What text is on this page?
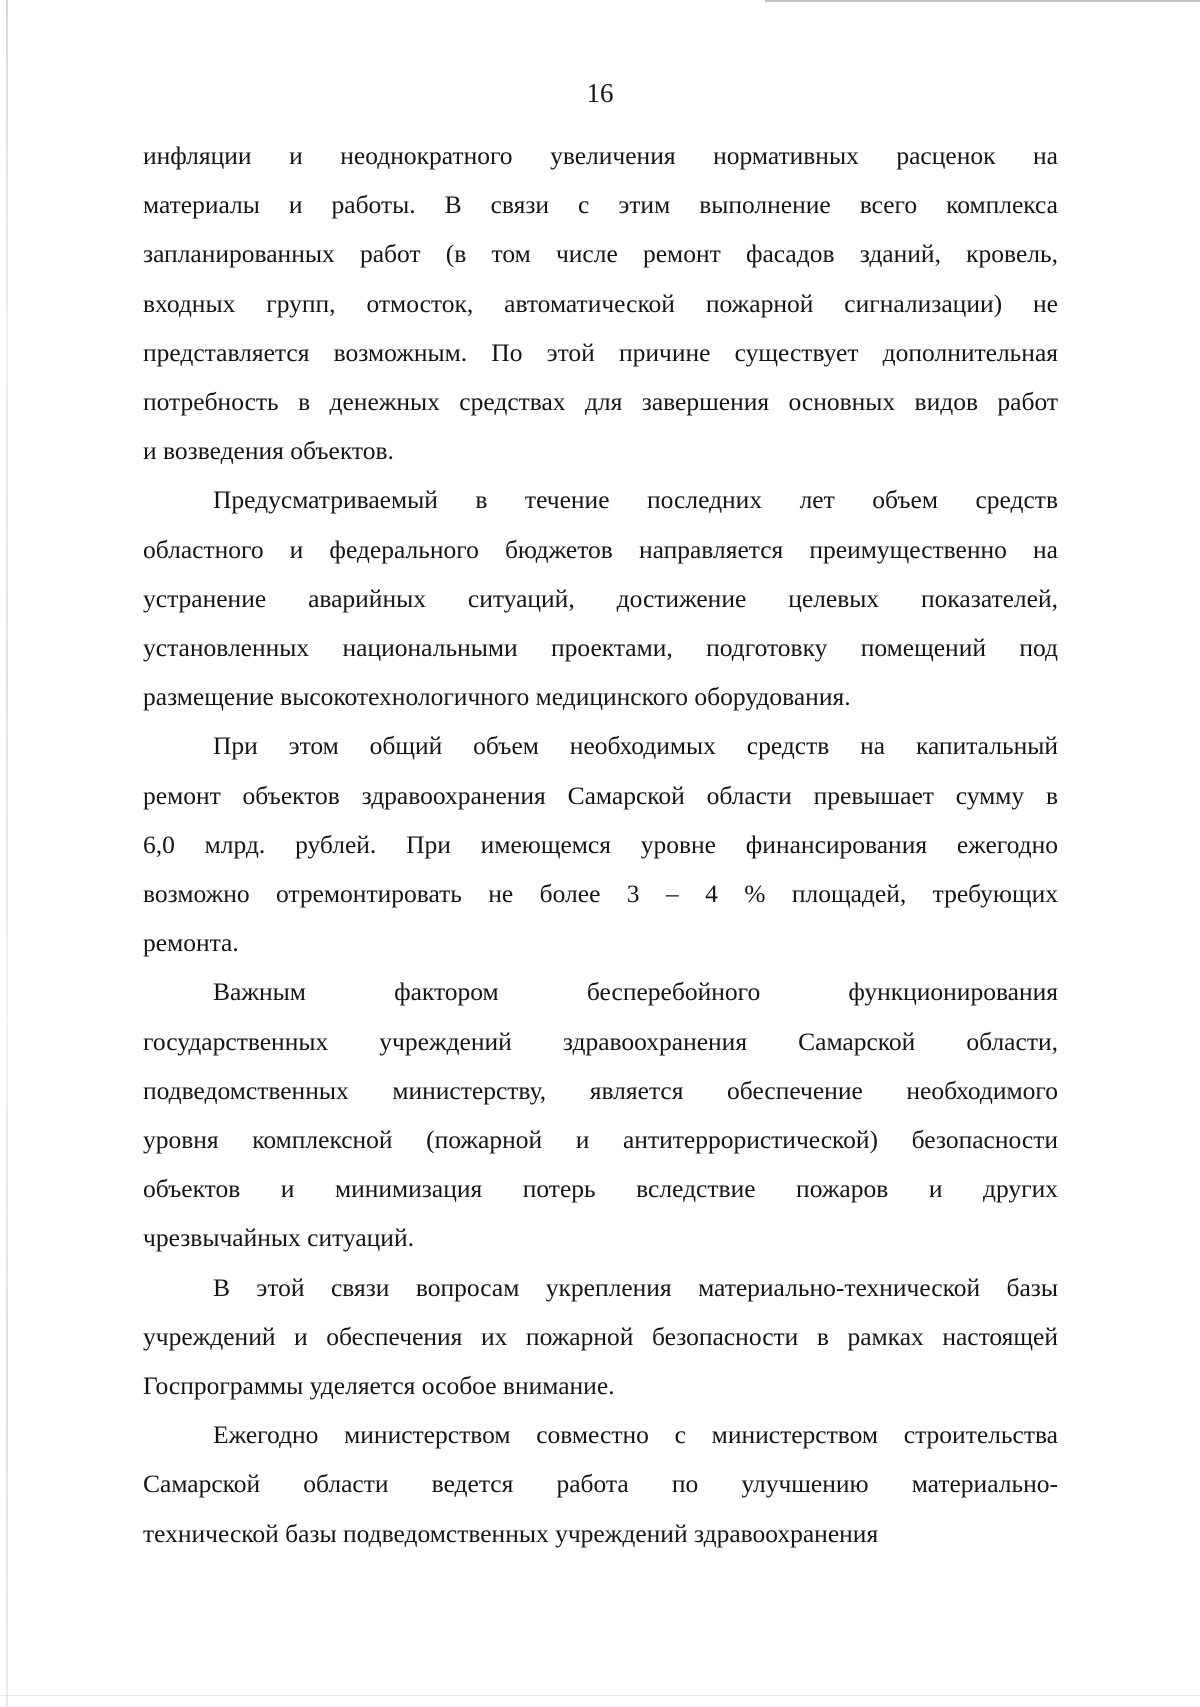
16

инфляции и неоднократного увеличения нормативных расценок на
материалы и работы. В связи с этим выполнение всего комплекса
запланированных работ (в том числе ремонт фасадов зданий, кровель,
входных групп, отмосток, автоматической пожарной сигнализации) не
представляется возможным. По этой причине существует дополнительная
потребность в денежных средствах для завершения основных видов работ
и возведения объектов.
Предусматриваемый в течение последних лет объем средств
областного и федерального бюджетов направляется преимущественно на
устранение аварийных ситуаций, достижение целевых показателей,
установленных национальными проектами, подготовку помещений под
размещение высокотехнологичного медицинского оборудования.
При этом общий объем необходимых средств на капитальный
ремонт объектов здравоохранения Самарской области превышает сумму в
6,0 млрд. рублей. При имеющемся уровне финансирования ежегодно
возможно отремонтировать не более 3 – 4 % площадей, требующих
ремонта.
Важным фактором бесперебойного функционирования
государственных учреждений здравоохранения Самарской области,
подведомственных министерству, является обеспечение необходимого
уровня комплексной (пожарной и антитеррористической) безопасности
объектов и минимизация потерь вследствие пожаров и других
чрезвычайных ситуаций.
В этой связи вопросам укрепления материально-технической базы
учреждений и обеспечения их пожарной безопасности в рамках настоящей
Госпрограммы уделяется особое внимание.
Ежегодно министерством совместно с министерством строительства
Самарской области ведется работа по улучшению материально-
технической базы подведомственных учреждений здравоохранения
